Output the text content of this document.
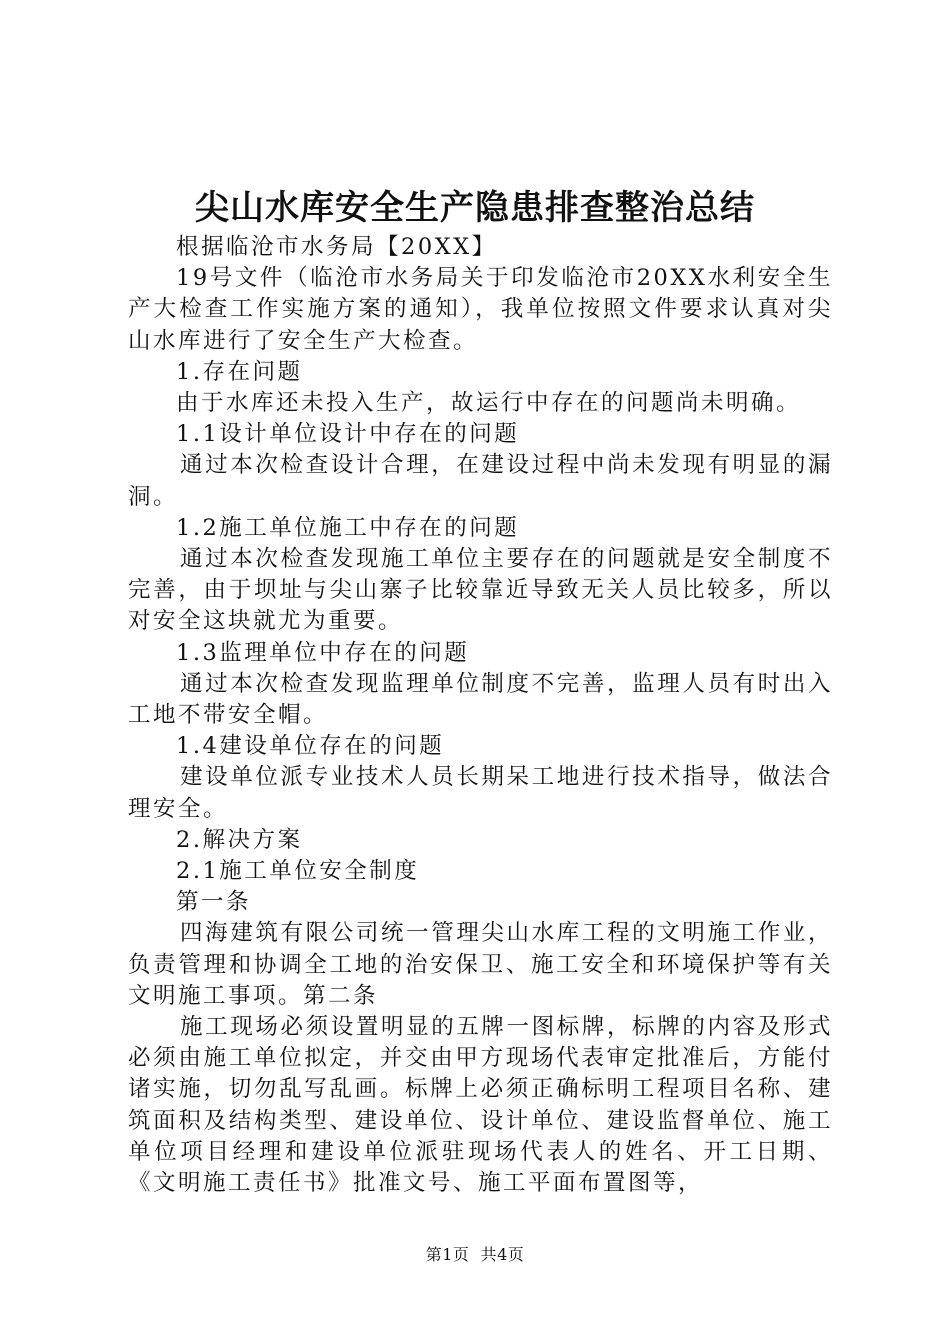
尖山水库安全生产隐患排查整治总结

根据临沧市水务局【20XX】

19号文件（临沧市水务局关于印发临沧市20XX水利安全生产大检查工作实施方案的通知），我单位按照文件要求认真对尖山水库进行了安全生产大检查。

1.存在问题

由于水库还未投入生产，故运行中存在的问题尚未明确。

1.1设计单位设计中存在的问题

通过本次检查设计合理，在建设过程中尚未发现有明显的漏洞。

1.2施工单位施工中存在的问题

通过本次检查发现施工单位主要存在的问题就是安全制度不完善，由于坝址与尖山寨子比较靠近导致无关人员比较多，所以对安全这块就尤为重要。

1.3监理单位中存在的问题

通过本次检查发现监理单位制度不完善，监理人员有时出入工地不带安全帽。

1.4建设单位存在的问题

建设单位派专业技术人员长期呆工地进行技术指导，做法合理安全。

2.解决方案

2.1施工单位安全制度

第一条

四海建筑有限公司统一管理尖山水库工程的文明施工作业，负责管理和协调全工地的治安保卫、施工安全和环境保护等有关文明施工事项。第二条

施工现场必须设置明显的五牌一图标牌，标牌的内容及形式必须由施工单位拟定，并交由甲方现场代表审定批准后，方能付诸实施，切勿乱写乱画。标牌上必须正确标明工程项目名称、建筑面积及结构类型、建设单位、设计单位、建设监督单位、施工单位项目经理和建设单位派驻现场代表人的姓名、开工日期、《文明施工责任书》批准文号、施工平面布置图等，

第1页  共4页
